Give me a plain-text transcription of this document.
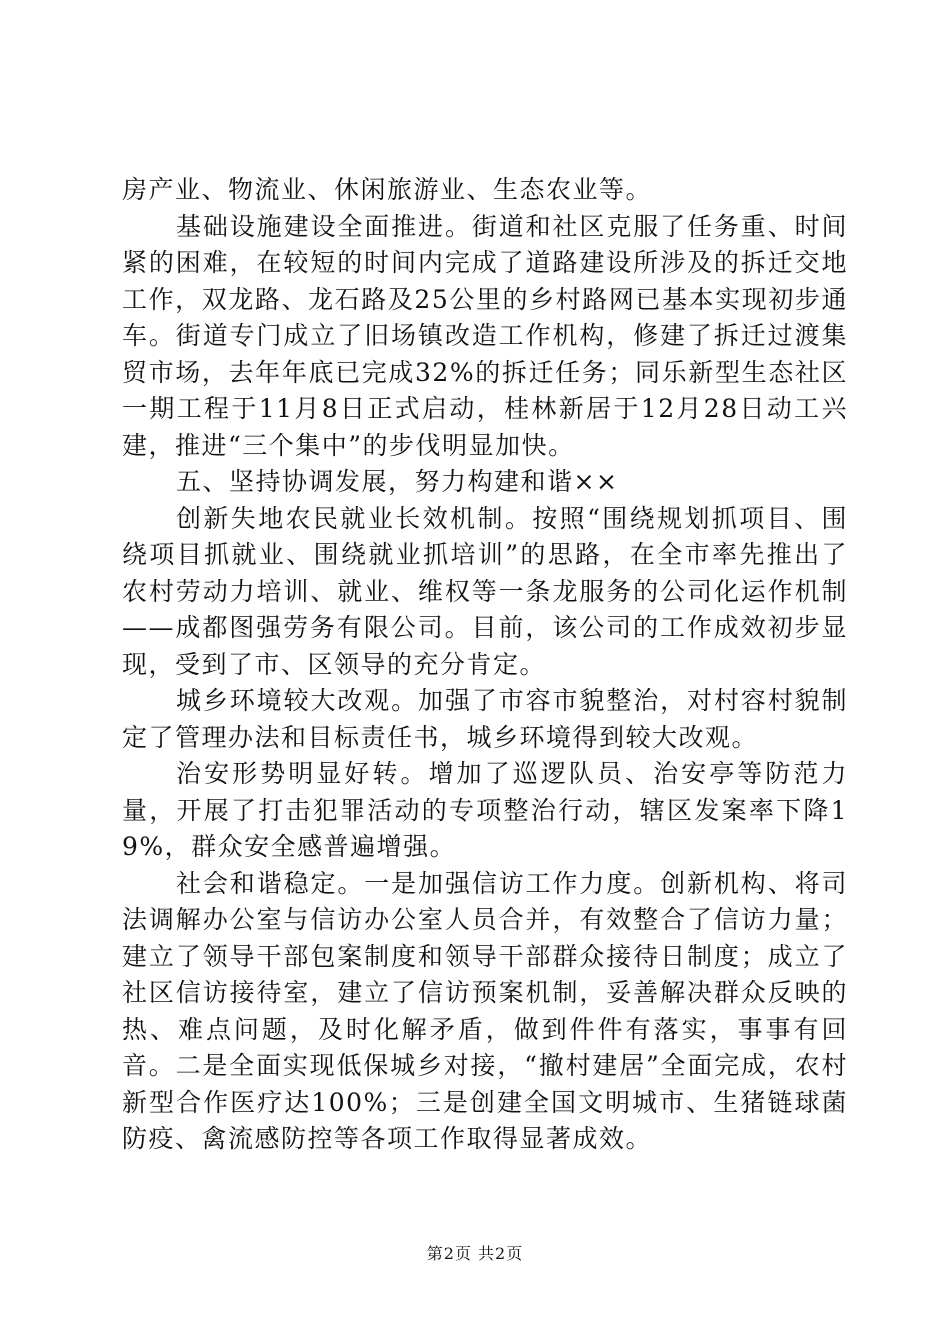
房产业、物流业、休闲旅游业、生态农业等。

基础设施建设全面推进。街道和社区克服了任务重、时间紧的困难，在较短的时间内完成了道路建设所涉及的拆迁交地工作，双龙路、龙石路及25公里的乡村路网已基本实现初步通车。街道专门成立了旧场镇改造工作机构，修建了拆迁过渡集贸市场，去年年底已完成32%的拆迁任务；同乐新型生态社区一期工程于11月8日正式启动，桂林新居于12月28日动工兴建，推进“三个集中”的步伐明显加快。

五、坚持协调发展，努力构建和谐××

创新失地农民就业长效机制。按照“围绕规划抓项目、围绕项目抓就业、围绕就业抓培训”的思路，在全市率先推出了农村劳动力培训、就业、维权等一条龙服务的公司化运作机制——成都图强劳务有限公司。目前，该公司的工作成效初步显现，受到了市、区领导的充分肯定。

城乡环境较大改观。加强了市容市貌整治，对村容村貌制定了管理办法和目标责任书，城乡环境得到较大改观。

治安形势明显好转。增加了巡逻队员、治安亭等防范力量，开展了打击犯罪活动的专项整治行动，辖区发案率下降19%，群众安全感普遍增强。

社会和谐稳定。一是加强信访工作力度。创新机构、将司法调解办公室与信访办公室人员合并，有效整合了信访力量；建立了领导干部包案制度和领导干部群众接待日制度；成立了社区信访接待室，建立了信访预案机制，妥善解决群众反映的热、难点问题，及时化解矛盾，做到件件有落实，事事有回音。二是全面实现低保城乡对接，“撤村建居”全面完成，农村新型合作医疗达100%；三是创建全国文明城市、生猪链球菌防疫、禽流感防控等各项工作取得显著成效。

第2页 共2页
